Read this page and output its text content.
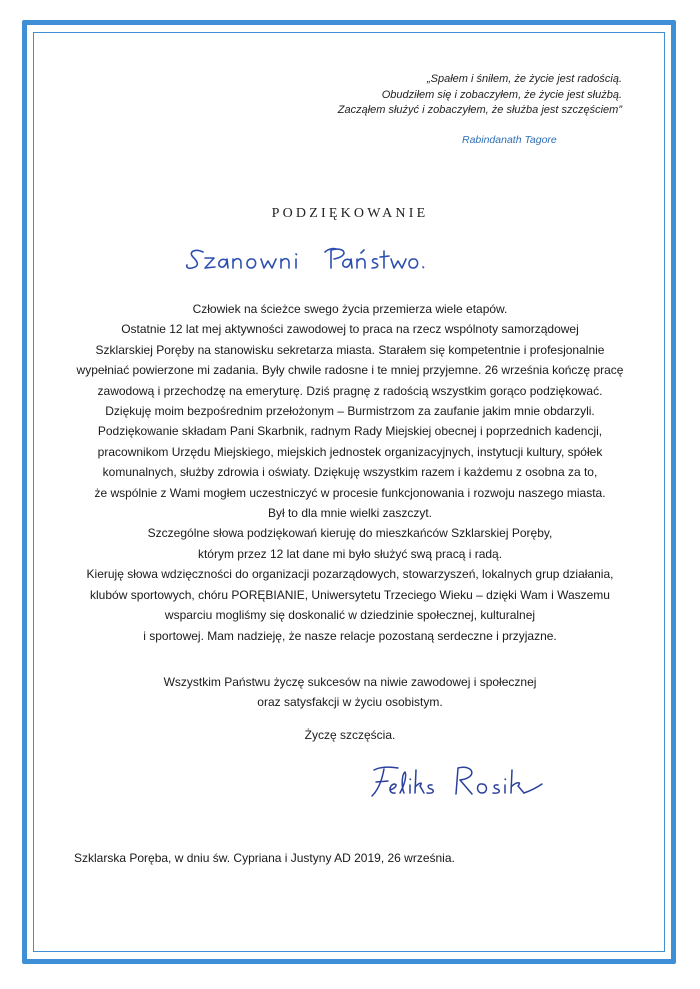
„Spałem i śniłem, że życie jest radością.
Obudziłem się i zobaczyłem, że życie jest służbą.
Zacząłem służyć i zobaczyłem, że służba jest szczęściem”
Rabindanath Tagore
PODZIĘKOWANIE
Człowiek na ścieżce swego życia przemierza wiele etapów.
Ostatnie 12 lat mej aktywności zawodowej to praca na rzecz wspólnoty samorządowej
Szklarskiej Poręby na stanowisku sekretarza miasta. Starałem się kompetentnie i profesjonalnie
wypełniać powierzone mi zadania. Były chwile radosne i te mniej przyjemne. 26 września kończę pracę
zawodową i przechodzę na emeryturę. Dziś pragnę z radością wszystkim gorąco podziękować.
Dziękuję moim bezpośrednim przełożonym – Burmistrzom za zaufanie jakim mnie obdarzyli.
Podziękowanie składam Pani Skarbnik, radnym Rady Miejskiej obecnej i poprzednich kadencji,
pracownikom Urzędu Miejskiego, miejskich jednostek organizacyjnych, instytucji kultury, spółek
komunalnych, służby zdrowia i oświaty. Dziękuję wszystkim razem i każdemu z osobna za to,
że wspólnie z Wami mogłem uczestniczyć w procesie funkcjonowania i rozwoju naszego miasta.
Był to dla mnie wielki zaszczyt.
Szczególne słowa podziękowań kieruję do mieszkańców Szklarskiej Poręby,
którym przez 12 lat dane mi było służyć swą pracą i radą.
Kieruję słowa wdzięczności do organizacji pozarządowych, stowarzyszeń, lokalnych grup działania,
klubów sportowych, chóru PORĘBIANIE, Uniwersytetu Trzeciego Wieku – dzięki Wam i Waszemu
wsparciu mogliśmy się doskonalić w dziedzinie społecznej, kulturalnej
i sportowej. Mam nadzieję, że nasze relacje pozostaną serdeczne i przyjazne.
Wszystkim Państwu życzę sukcesów na niwie zawodowej i społecznej
oraz satysfakcji w życiu osobistym.
Życzę szczęścia.
Szklarska Poręba, w dniu św. Cypriana i Justyny AD 2019, 26 września.
